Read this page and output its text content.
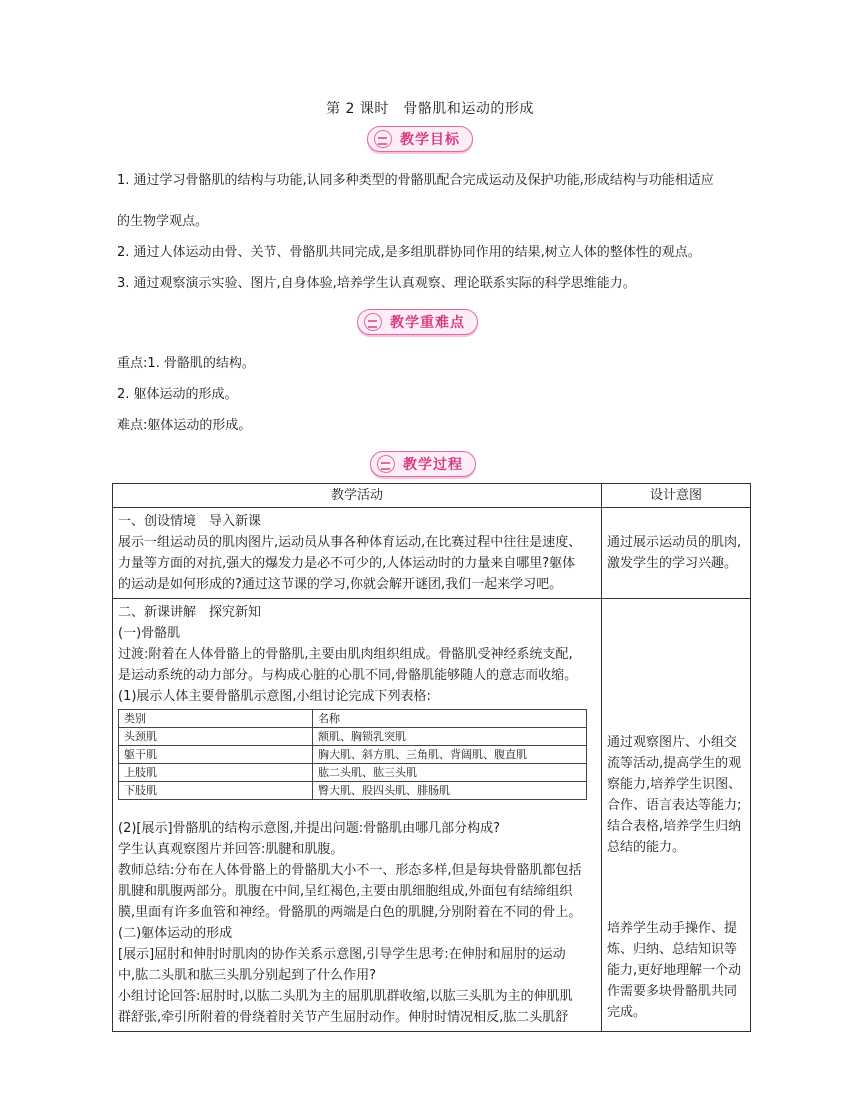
第 2 课时　骨骼肌和运动的形成
教学目标
1. 通过学习骨骼肌的结构与功能,认同多种类型的骨骼肌配合完成运动及保护功能,形成结构与功能相适应
的生物学观点。
2. 通过人体运动由骨、关节、骨骼肌共同完成,是多组肌群协同作用的结果,树立人体的整体性的观点。
3. 通过观察演示实验、图片,自身体验,培养学生认真观察、理论联系实际的科学思维能力。
教学重难点
重点:1. 骨骼肌的结构。
2. 躯体运动的形成。
难点:躯体运动的形成。
教学过程
教学活动	设计意图

一、创设情境　导入新课
展示一组运动员的肌肉图片,运动员从事各种体育运动,在比赛过程中往往是速度、
力量等方面的对抗,强大的爆发力是必不可少的,人体运动时的力量来自哪里?躯体
的运动是如何形成的?通过这节课的学习,你就会解开谜团,我们一起来学习吧。

通过展示运动员的肌肉,激发学生的学习兴趣。

二、新课讲解　探究新知
(一)骨骼肌
过渡:附着在人体骨骼上的骨骼肌,主要由肌肉组织组成。骨骼肌受神经系统支配,
是运动系统的动力部分。与构成心脏的心肌不同,骨骼肌能够随人的意志而收缩。
(1)展示人体主要骨骼肌示意图,小组讨论完成下列表格:
类别	名称
头颈肌	额肌、胸锁乳突肌
躯干肌	胸大肌、斜方肌、三角肌、背阔肌、腹直肌
上肢肌	肱二头肌、肱三头肌
下肢肌	臀大肌、股四头肌、腓肠肌
(2)[展示]骨骼肌的结构示意图,并提出问题:骨骼肌由哪几部分构成?
学生认真观察图片并回答:肌腱和肌腹。
教师总结:分布在人体骨骼上的骨骼肌大小不一、形态多样,但是每块骨骼肌都包括
肌腱和肌腹两部分。肌腹在中间,呈红褐色,主要由肌细胞组成,外面包有结缔组织
膜,里面有许多血管和神经。骨骼肌的两端是白色的肌腱,分别附着在不同的骨上。
(二)躯体运动的形成
[展示]屈肘和伸肘时肌肉的协作关系示意图,引导学生思考:在伸肘和屈肘的运动
中,肱二头肌和肱三头肌分别起到了什么作用?
小组讨论回答:屈肘时,以肱二头肌为主的屈肌肌群收缩,以肱三头肌为主的伸肌肌
群舒张,牵引所附着的骨绕着肘关节产生屈肘动作。伸肘时情况相反,肱二头肌舒

通过观察图片、小组交流等活动,提高学生的观察能力,培养学生识图、合作、语言表达等能力;结合表格,培养学生归纳总结的能力。
培养学生动手操作、提炼、归纳、总结知识等能力,更好地理解一个动作需要多块骨骼肌共同完成。
